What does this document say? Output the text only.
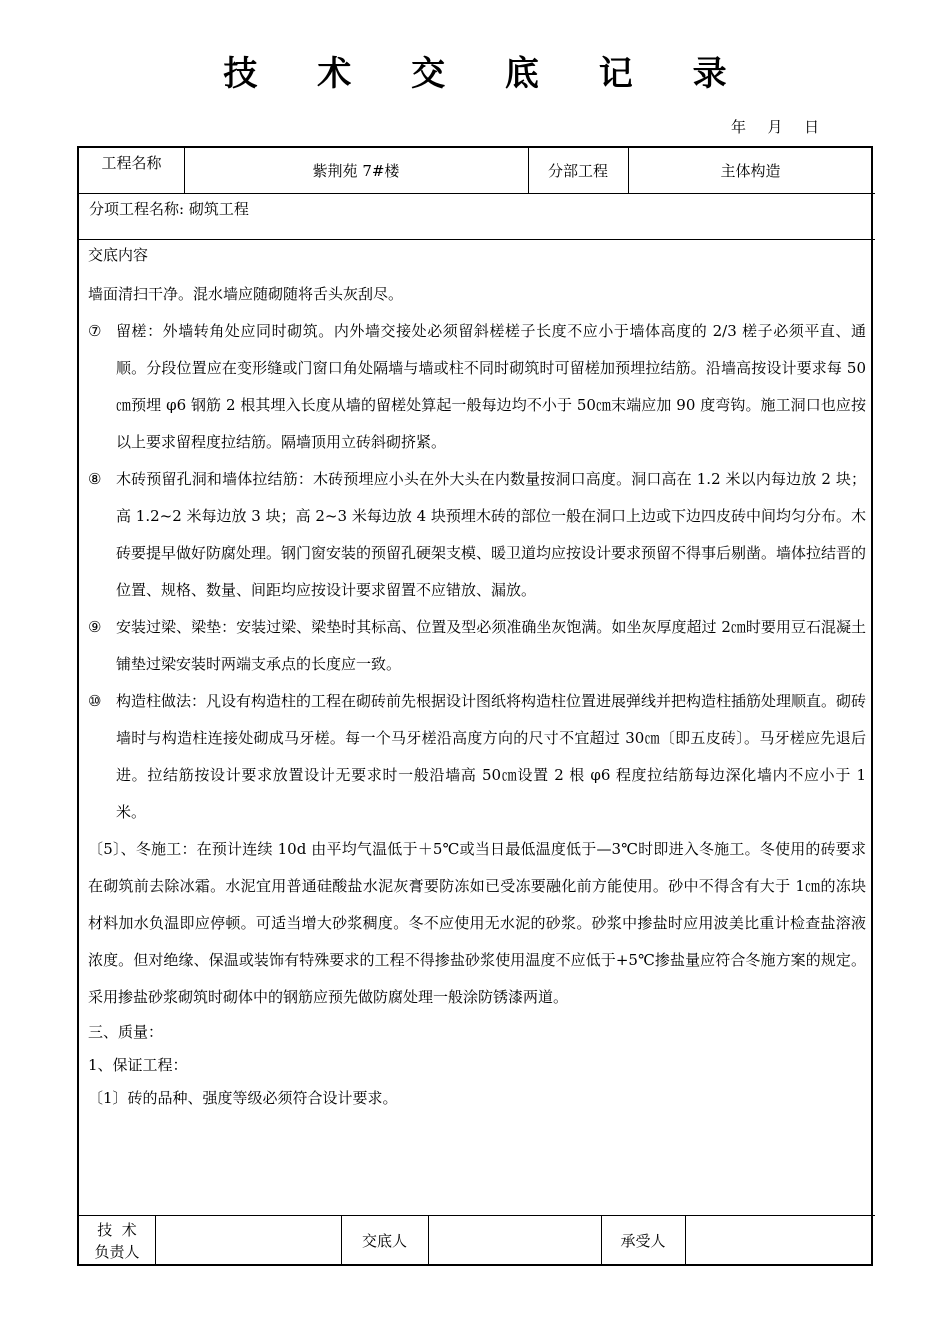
技 术 交 底 记 录
年  月  日
工程名称	紫荆苑 7#楼	分部工程	主体构造
分项工程名称: 砌筑工程
交底内容
墙面清扫干净。混水墙应随砌随将舌头灰刮尽。
⑦ 留槎：外墙转角处应同时砌筑。内外墙交接处必须留斜槎槎子长度不应小于墙体高度的 2/3 槎子必须平直、通顺。分段位置应在变形缝或门窗口角处隔墙与墙或柱不同时砌筑时可留槎加预埋拉结筋。沿墙高按设计要求每 50㎝预埋 φ6 钢筋 2 根其埋入长度从墙的留槎处算起一般每边均不小于 50㎝末端应加 90 度弯钩。施工洞口也应按以上要求留程度拉结筋。隔墙顶用立砖斜砌挤紧。
⑧ 木砖预留孔洞和墙体拉结筋：木砖预埋应小头在外大头在内数量按洞口高度。洞口高在 1.2 米以内每边放 2 块；高 1.2~2 米每边放 3 块；高 2~3 米每边放 4 块预埋木砖的部位一般在洞口上边或下边四皮砖中间均匀分布。木砖要提早做好防腐处理。钢门窗安装的预留孔硬架支模、暖卫道均应按设计要求预留不得事后剔凿。墙体拉结晋的位置、规格、数量、间距均应按设计要求留置不应错放、漏放。
⑨ 安装过梁、梁垫：安装过梁、梁垫时其标高、位置及型必须准确坐灰饱满。如坐灰厚度超过 2㎝时要用豆石混凝土铺垫过梁安装时两端支承点的长度应一致。
⑩ 构造柱做法：凡设有构造柱的工程在砌砖前先根据设计图纸将构造柱位置进展弹线并把构造柱插筋处理顺直。砌砖墙时与构造柱连接处砌成马牙槎。每一个马牙槎沿高度方向的尺寸不宜超过 30㎝〔即五皮砖〕。马牙槎应先退后进。拉结筋按设计要求放置设计无要求时一般沿墙高 50㎝设置 2 根 φ6 程度拉结筋每边深化墙内不应小于 1 米。
〔5〕、冬施工：在预计连续 10d 由平均气温低于＋5℃或当日最低温度低于—3℃时即进入冬施工。冬使用的砖要求在砌筑前去除冰霜。水泥宜用普通硅酸盐水泥灰膏要防冻如已受冻要融化前方能使用。砂中不得含有大于 1㎝的冻块材料加水负温即应停顿。可适当增大砂浆稠度。冬不应使用无水泥的砂浆。砂浆中掺盐时应用波美比重计检查盐溶液浓度。但对绝缘、保温或装饰有特殊要求的工程不得掺盐砂浆使用温度不应低于+5℃掺盐量应符合冬施方案的规定。采用掺盐砂浆砌筑时砌体中的钢筋应预先做防腐处理一般涂防锈漆两道。
三、质量：
1、保证工程：
〔1〕砖的品种、强度等级必须符合设计要求。
技  术
负责人
交底人	承受人
